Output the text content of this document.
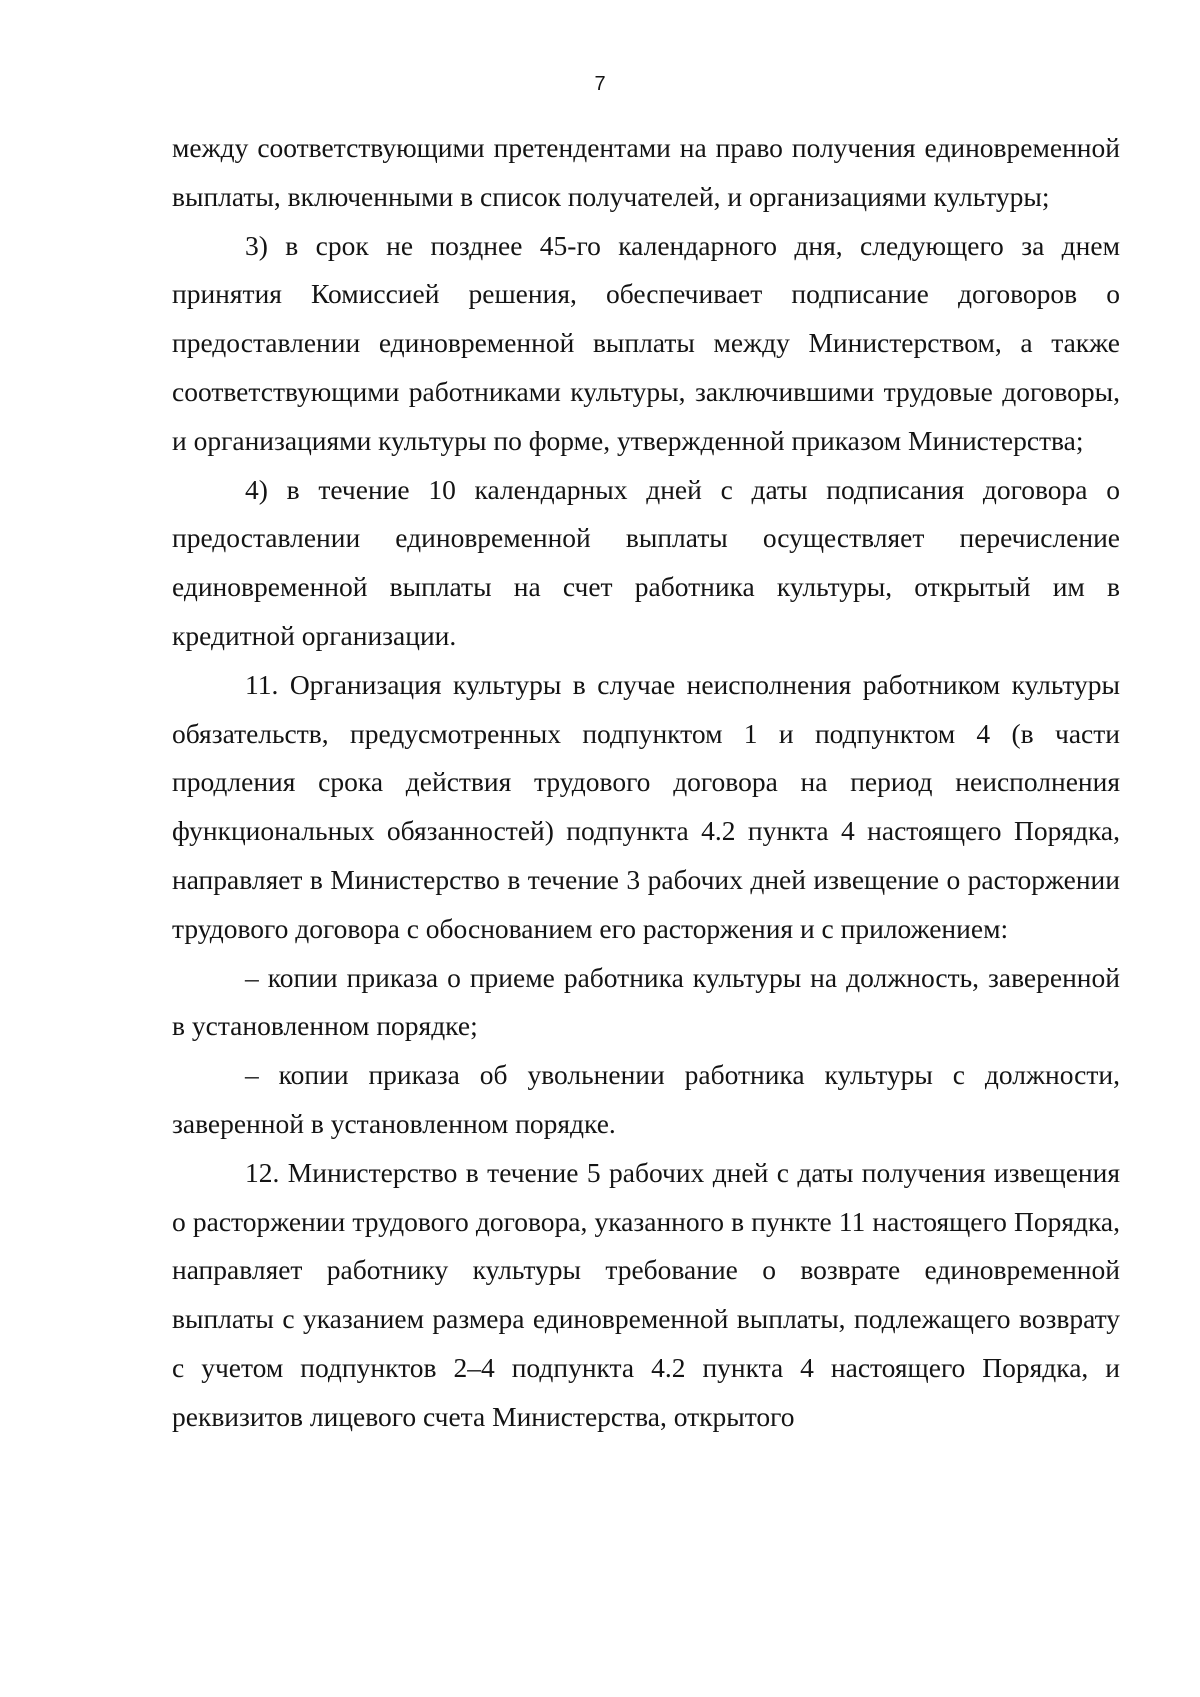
7

между соответствующими претендентами на право получения единовременной выплаты, включенными в список получателей, и организациями культуры;

3) в срок не позднее 45-го календарного дня, следующего за днем принятия Комиссией решения, обеспечивает подписание договоров о предоставлении единовременной выплаты между Министерством, а также соответствующими работниками культуры, заключившими трудовые договоры, и организациями культуры по форме, утвержденной приказом Министерства;

4) в течение 10 календарных дней с даты подписания договора о предоставлении единовременной выплаты осуществляет перечисление единовременной выплаты на счет работника культуры, открытый им в кредитной организации.

11. Организация культуры в случае неисполнения работником культуры обязательств, предусмотренных подпунктом 1 и подпунктом 4 (в части продления срока действия трудового договора на период неисполнения функциональных обязанностей) подпункта 4.2 пункта 4 настоящего Порядка, направляет в Министерство в течение 3 рабочих дней извещение о расторжении трудового договора с обоснованием его расторжения и с приложением:

– копии приказа о приеме работника культуры на должность, заверенной в установленном порядке;

– копии приказа об увольнении работника культуры с должности, заверенной в установленном порядке.

12. Министерство в течение 5 рабочих дней с даты получения извещения о расторжении трудового договора, указанного в пункте 11 настоящего Порядка, направляет работнику культуры требование о возврате единовременной выплаты с указанием размера единовременной выплаты, подлежащего возврату с учетом подпунктов 2–4 подпункта 4.2 пункта 4 настоящего Порядка, и реквизитов лицевого счета Министерства, открытого
